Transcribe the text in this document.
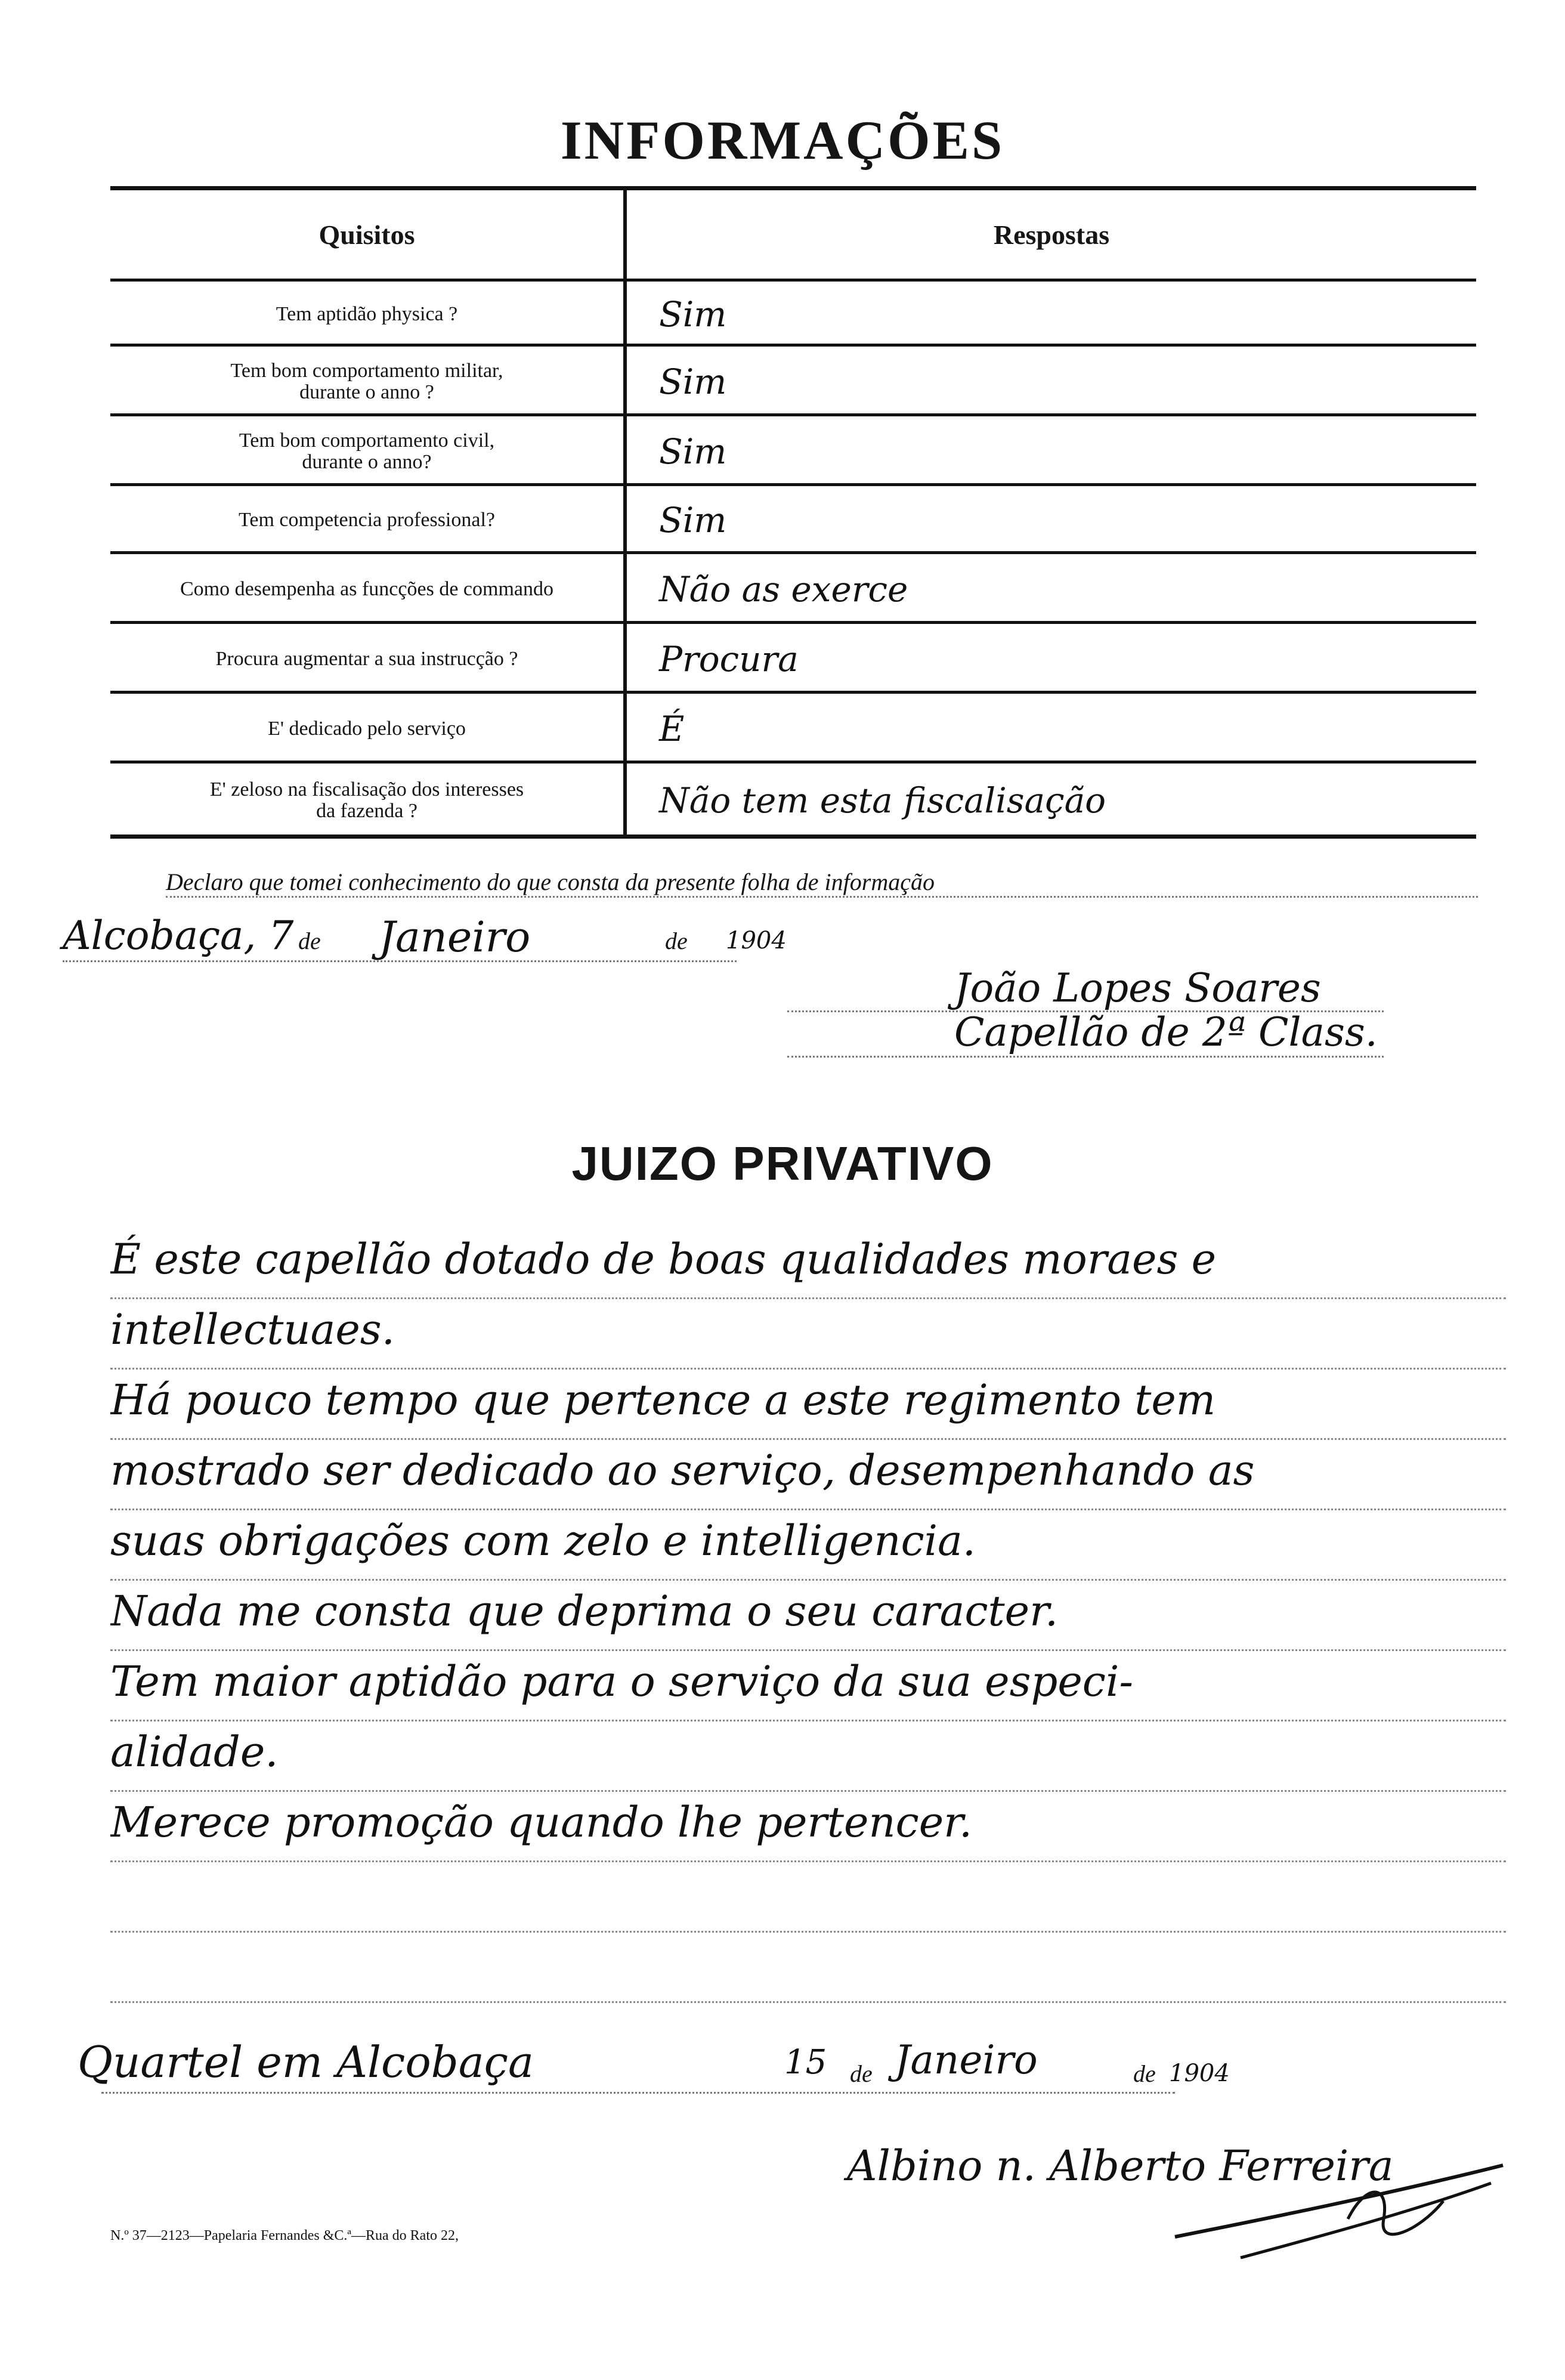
INFORMAÇÕES
Quisitos	Respostas
Tem aptidão physica ?	Sim
Tem bom comportamento militar,
durante o anno ?	Sim
Tem bom comportamento civil,
durante o anno?	Sim
Tem competencia professional?	Sim
Como desempenha as funcções de commando	Não as exerce
Procura augmentar a sua instrucção ?	Procura
E' dedicado pelo serviço	É
E' zeloso na fiscalisação dos interesses
da fazenda ?	Não tem esta fiscalisação
Declaro que tomei conhecimento do que consta da presente folha de informação
Alcobaça, 7 de Janeiro	de 1904
João Lopes Soares
Capellão de 2ª Class.
JUIZO PRIVATIVO
É este capellão dotado de boas qualidades moraes e
intellectuaes.
Há pouco tempo que pertence a este regimento tem
mostrado ser dedicado ao serviço, desempenhando as
suas obrigações com zelo e intelligencia.
Nada me consta que deprima o seu caracter.
Tem maior aptidão para o serviço da sua especi-
alidade.
Merece promoção quando lhe pertencer.
Quartel em Alcobaça	15 de Janeiro	de 1904
Albino n. Alberto Ferreira
N.º 37—2123—Papelaria Fernandes &C.ª—Rua do Rato 22,
